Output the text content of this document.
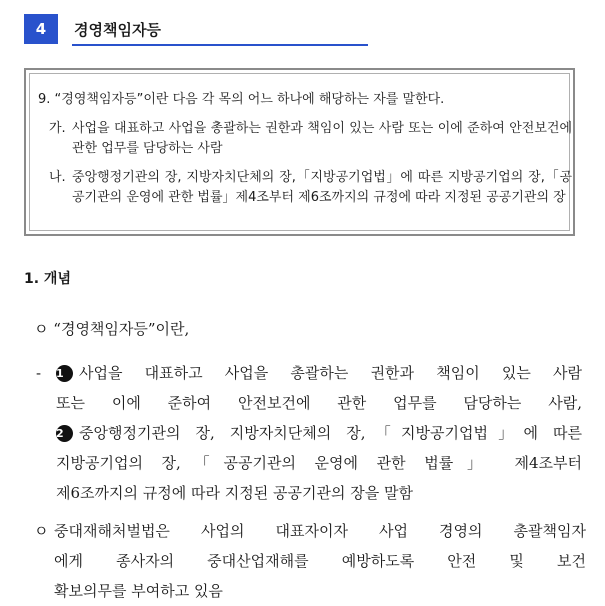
4	경영책임자등
9. “경영책임자등”이란 다음 각 목의 어느 하나에 해당하는 자를 말한다.
가. 사업을 대표하고 사업을 총괄하는 권한과 책임이 있는 사람 또는 이에 준하여 안전보건에 관한 업무를 담당하는 사람
나. 중앙행정기관의 장, 지방자치단체의 장,「지방공기업법」에 따른 지방공기업의 장,「공공기관의 운영에 관한 법률」제4조부터 제6조까지의 규정에 따라 지정된 공공기관의 장
1. 개념
ㅇ “경영책임자등”이란,
- 1 사업을 대표하고 사업을 총괄하는 권한과 책임이 있는 사람
또는 이에 준하여 안전보건에 관한 업무를 담당하는 사람,
2 중앙행정기관의 장, 지방자치단체의 장,「지방공기업법」에 따른
지방공기업의 장,「공공기관의 운영에 관한 법률」 제4조부터
제6조까지의 규정에 따라 지정된 공공기관의 장을 말함
ㅇ 중대재해처벌법은 사업의 대표자이자 사업 경영의 총괄책임자
에게 종사자의 중대산업재해를 예방하도록 안전 및 보건
확보의무를 부여하고 있음
